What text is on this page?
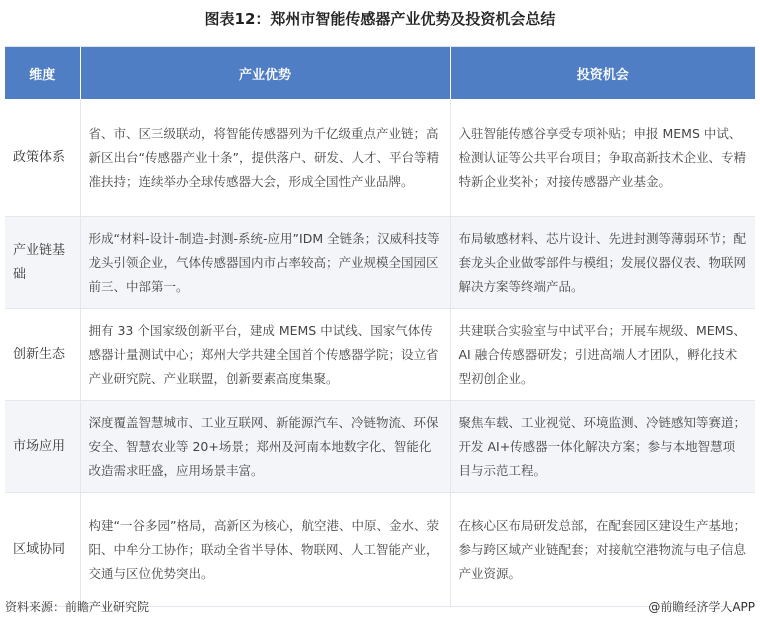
图表12：郑州市智能传感器产业优势及投资机会总结
维度	产业优势	投资机会
政策体系	省、市、区三级联动，将智能传感器列为千亿级重点产业链；高新区出台“传感器产业十条”，提供落户、研发、人才、平台等精准扶持；连续举办全球传感器大会，形成全国性产业品牌。	入驻智能传感谷享受专项补贴；申报 MEMS 中试、检测认证等公共平台项目；争取高新技术企业、专精特新企业奖补；对接传感器产业基金。
产业链基础	形成“材料-设计-制造-封测-系统-应用”IDM 全链条；汉威科技等龙头引领企业，气体传感器国内市占率较高；产业规模全国园区前三、中部第一。	布局敏感材料、芯片设计、先进封测等薄弱环节；配套龙头企业做零部件与模组；发展仪器仪表、物联网解决方案等终端产品。
创新生态	拥有 33 个国家级创新平台，建成 MEMS 中试线、国家气体传感器计量测试中心；郑州大学共建全国首个传感器学院；设立省产业研究院、产业联盟，创新要素高度集聚。	共建联合实验室与中试平台；开展车规级、MEMS、AI 融合传感器研发；引进高端人才团队，孵化技术型初创企业。
市场应用	深度覆盖智慧城市、工业互联网、新能源汽车、冷链物流、环保安全、智慧农业等 20+场景；郑州及河南本地数字化、智能化改造需求旺盛，应用场景丰富。	聚焦车载、工业视觉、环境监测、冷链感知等赛道；开发 AI+传感器一体化解决方案；参与本地智慧项目与示范工程。
区域协同	构建“一谷多园”格局，高新区为核心，航空港、中原、金水、荥阳、中牟分工协作；联动全省半导体、物联网、人工智能产业，交通与区位优势突出。	在核心区布局研发总部，在配套园区建设生产基地；参与跨区域产业链配套；对接航空港物流与电子信息产业资源。
资料来源：前瞻产业研究院	@前瞻经济学人APP
